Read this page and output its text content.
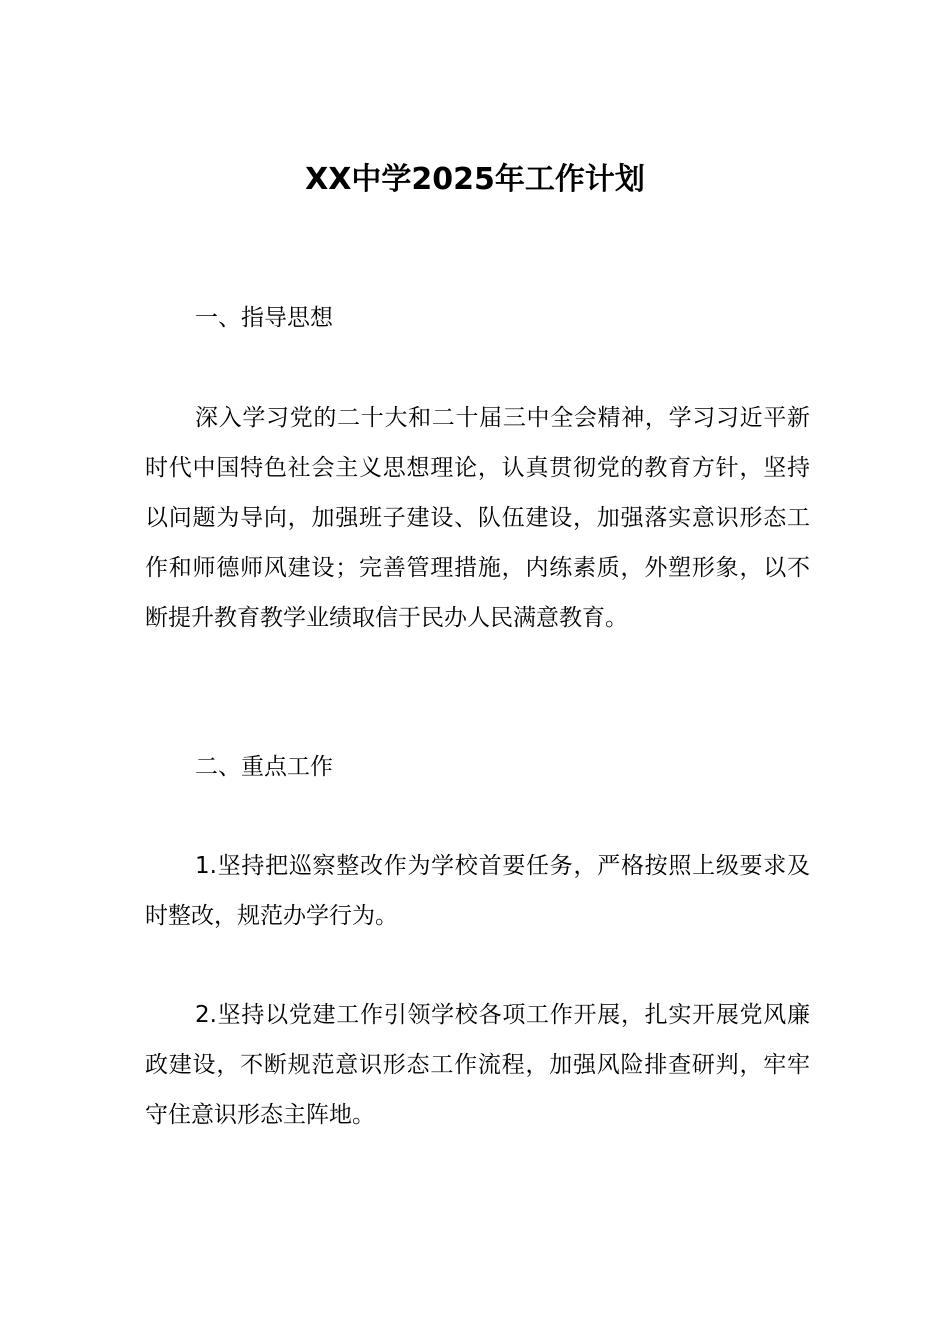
XX中学2025年工作计划
一、指导思想
深入学习党的二十大和二十届三中全会精神，学习习近平新时代中国特色社会主义思想理论，认真贯彻党的教育方针，坚持以问题为导向，加强班子建设、队伍建设，加强落实意识形态工作和师德师风建设；完善管理措施，内练素质，外塑形象，以不断提升教育教学业绩取信于民办人民满意教育。
二、重点工作
1.坚持把巡察整改作为学校首要任务，严格按照上级要求及时整改，规范办学行为。
2.坚持以党建工作引领学校各项工作开展，扎实开展党风廉政建设，不断规范意识形态工作流程，加强风险排查研判，牢牢守住意识形态主阵地。
